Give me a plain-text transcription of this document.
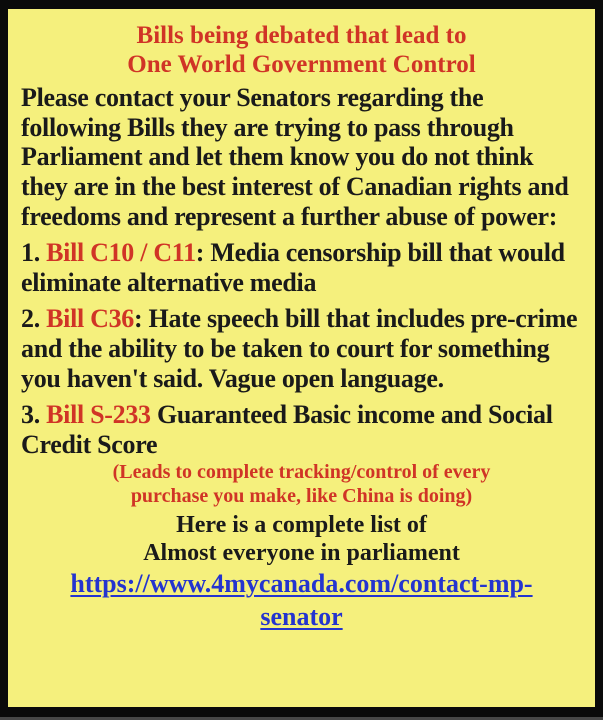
Bills being debated that lead to
One World Government Control

Please contact your Senators regarding the following Bills they are trying to pass through Parliament and let them know you do not think they are in the best interest of Canadian rights and freedoms and represent a further abuse of power:

1. Bill C10 / C11: Media censorship bill that would eliminate alternative media

2. Bill C36: Hate speech bill that includes pre-crime and the ability to be taken to court for something you haven't said. Vague open language.

3. Bill S-233 Guaranteed Basic income and Social Credit Score

(Leads to complete tracking/control of every
purchase you make, like China is doing)

Here is a complete list of
Almost everyone in parliament

https://www.4mycanada.com/contact-mp-
senator
